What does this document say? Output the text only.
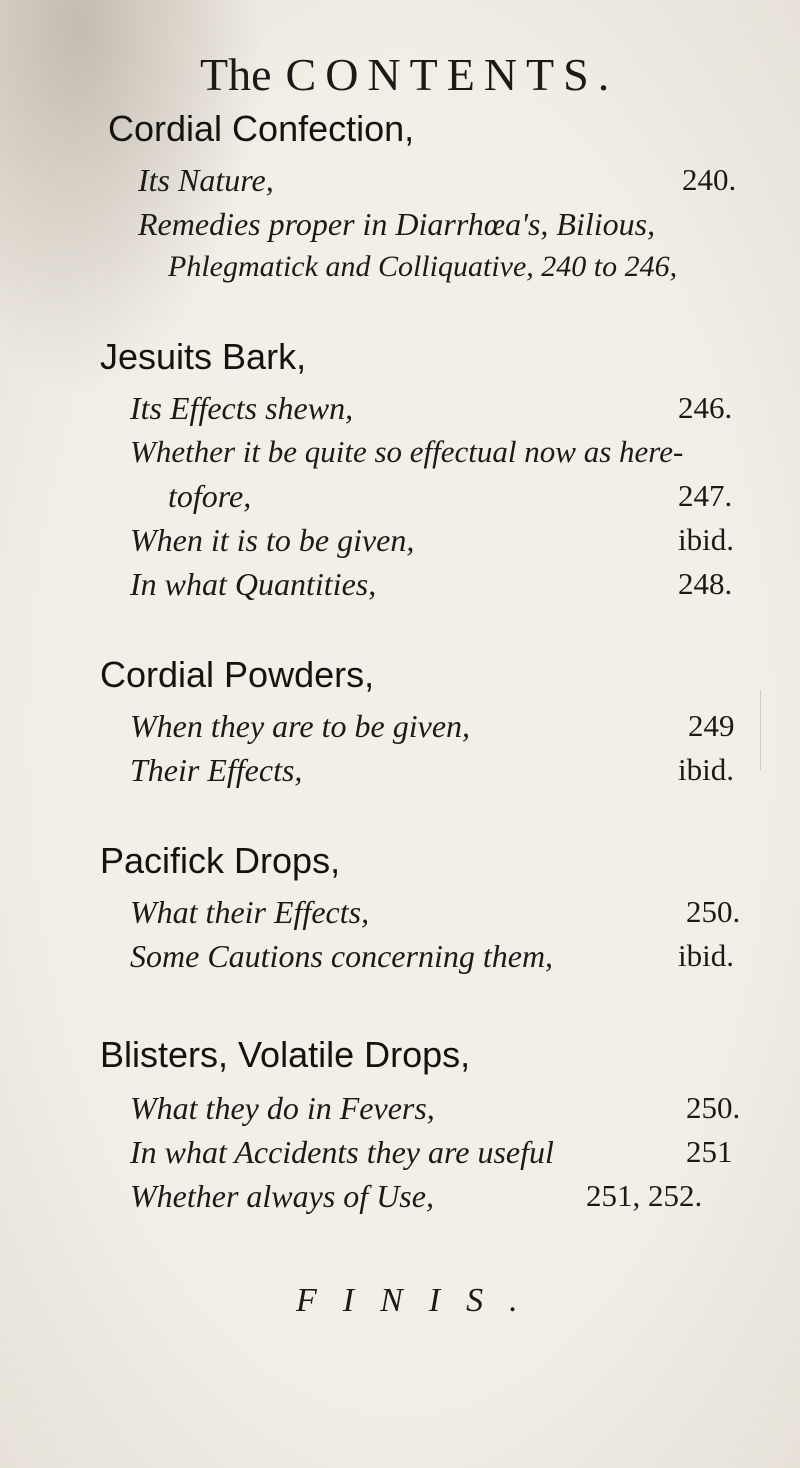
The CONTENTS.
Cordial Confection,
Its Nature,	240.
Remedies proper in Diarrhœa's, Bilious,
Phlegmatick and Colliquative, 240 to 246,
Jesuits Bark,
Its Effects shewn,	246.
Whether it be quite so effectual now as here-
tofore,	247.
When it is to be given,	ibid.
In what Quantities,	248.
Cordial Powders,
When they are to be given,	249
Their Effects,	ibid.
Pacifick Drops,
What their Effects,	250.
Some Cautions concerning them,	ibid.
Blisters, Volatile Drops,
What they do in Fevers,	250.
In what Accidents they are useful	251
Whether always of Use,	251, 252.
FINIS.
